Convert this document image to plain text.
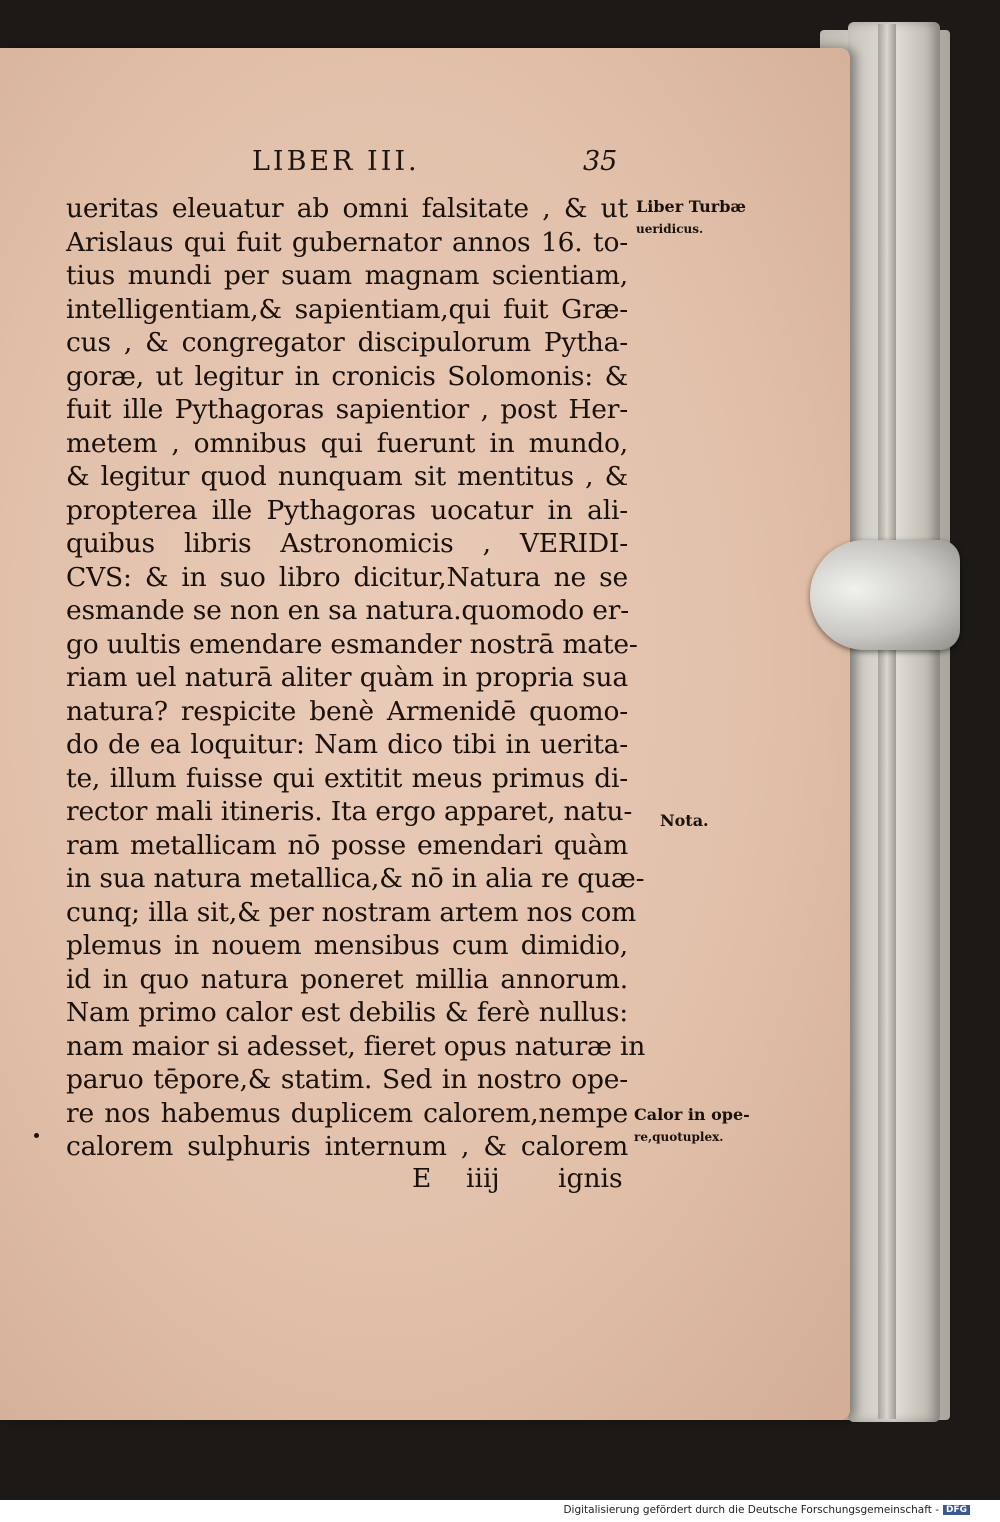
LIBER III.	35
ueritas eleuatur ab omni falsitate , & ut
Arislaus qui fuit gubernator annos 16. to-
tius mundi per suam magnam scientiam,
intelligentiam,& sapientiam,qui fuit Græ-
cus , & congregator discipulorum Pytha-
goræ, ut legitur in cronicis Solomonis: &
fuit ille Pythagoras sapientior , post Her-
metem , omnibus qui fuerunt in mundo,
& legitur quod nunquam sit mentitus , &
propterea ille Pythagoras uocatur in ali-
quibus libris Astronomicis , VERIDI-
CVS: & in suo libro dicitur,Natura ne se
esmande se non en sa natura.quomodo er-
go uultis emendare esmander nostrā mate-
riam uel naturā aliter quàm in propria sua
natura? respicite benè Armenidē quomo-
do de ea loquitur: Nam dico tibi in uerita-
te, illum fuisse qui extitit meus primus di-
rector mali itineris. Ita ergo apparet, natu-
ram metallicam nō posse emendari quàm
in sua natura metallica,& nō in alia re quæ-
cunq; illa sit,& per nostram artem nos com
plemus in nouem mensibus cum dimidio,
id in quo natura poneret millia annorum.
Nam primo calor est debilis & ferè nullus:
nam maior si adesset, fieret opus naturæ in
paruo tēpore,& statim. Sed in nostro ope-
re nos habemus duplicem calorem,nempe
calorem sulphuris internum , & calorem
Liber Turbæ
ueridicus.
Nota.
Calor in ope-
re,quotuplex.
E iiij ignis
Digitalisierung gefördert durch die Deutsche Forschungsgemeinschaft - DFG
